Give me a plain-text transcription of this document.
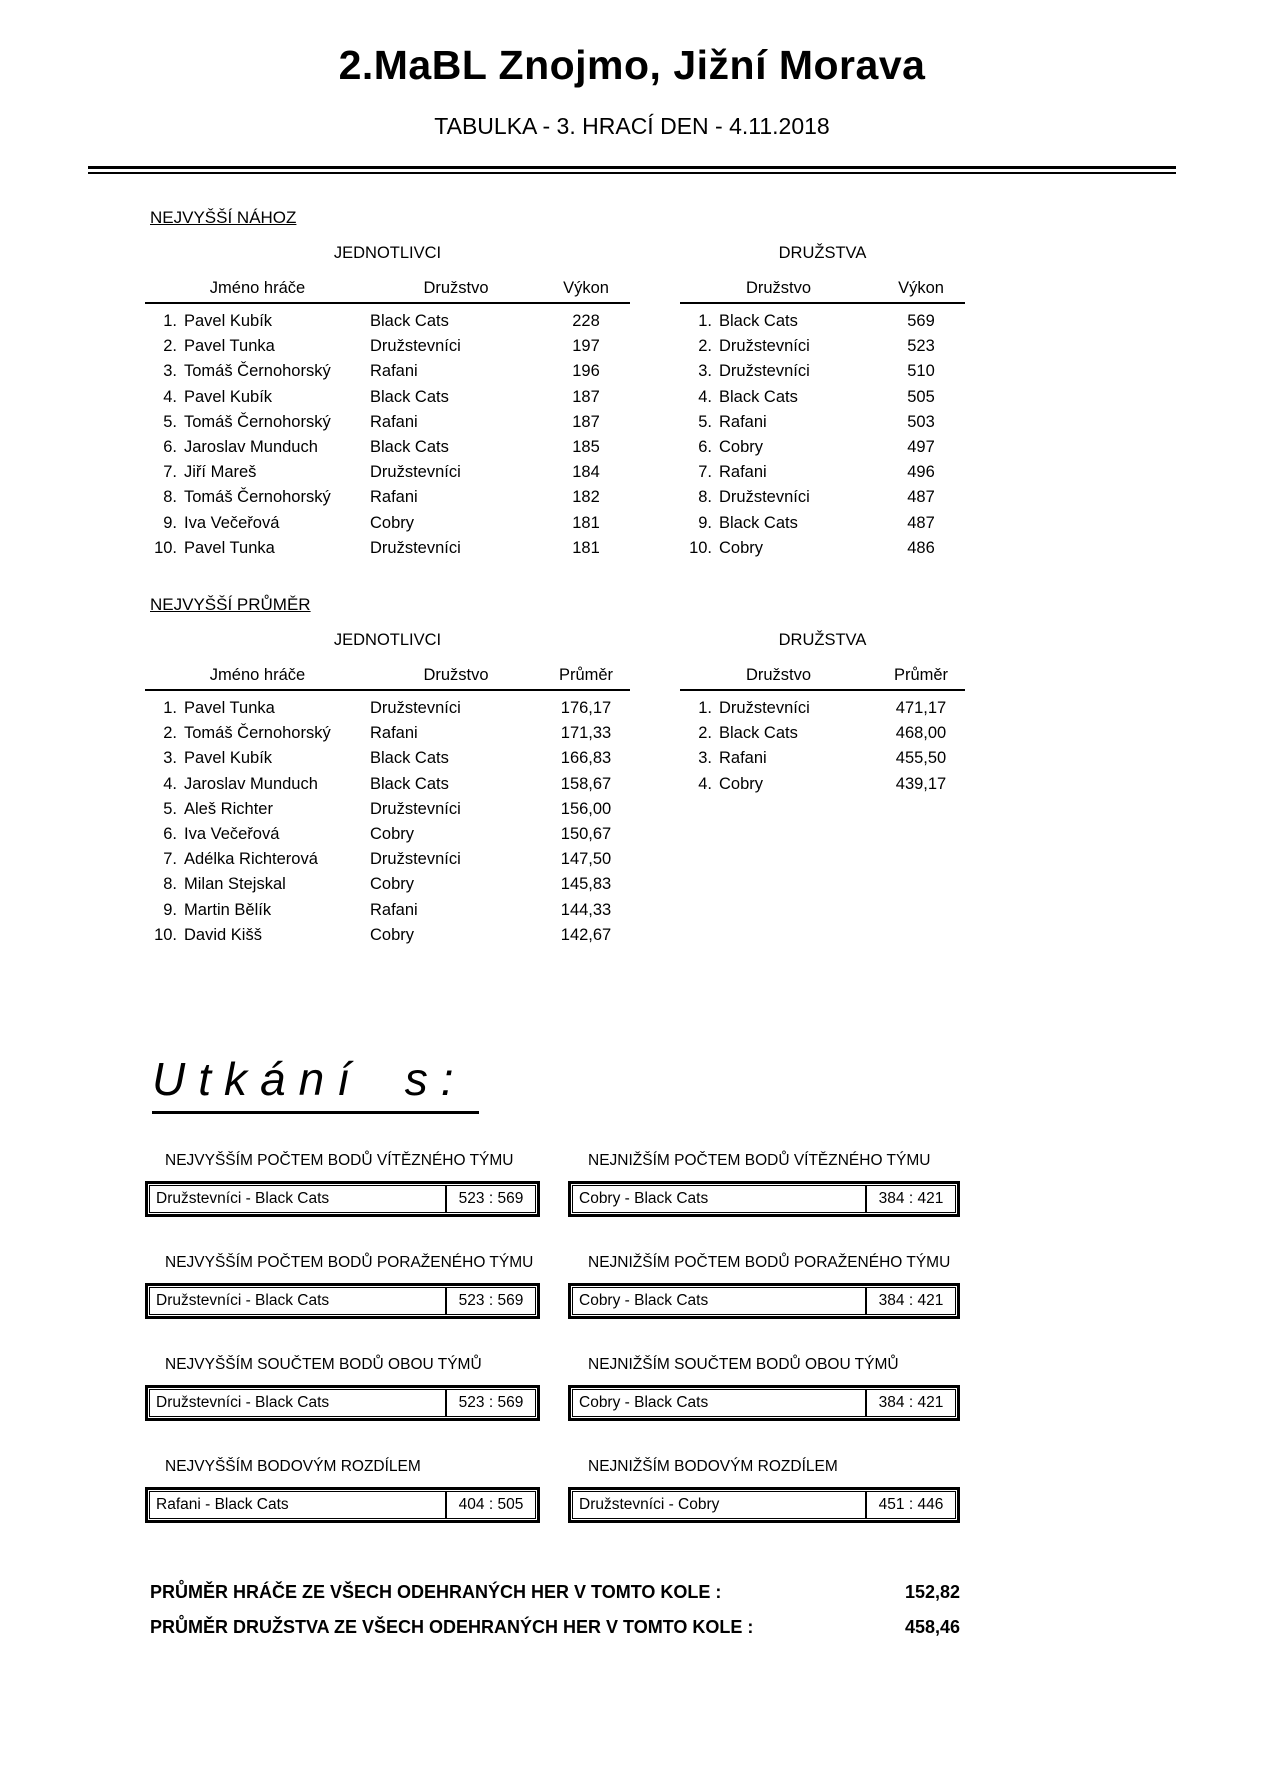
2.MaBL Znojmo, Jižní Morava
TABULKA - 3. HRACÍ DEN - 4.11.2018
NEJVYŠŠÍ NÁHOZ
JEDNOTLIVCI
Jméno hráče	Družstvo	Výkon
1. Pavel Kubík	Black Cats	228
2. Pavel Tunka	Družstevníci	197
3. Tomáš Černohorský	Rafani	196
4. Pavel Kubík	Black Cats	187
5. Tomáš Černohorský	Rafani	187
6. Jaroslav Munduch	Black Cats	185
7. Jiří Mareš	Družstevníci	184
8. Tomáš Černohorský	Rafani	182
9. Iva Večeřová	Cobry	181
10. Pavel Tunka	Družstevníci	181
DRUŽSTVA
Družstvo	Výkon
1. Black Cats	569
2. Družstevníci	523
3. Družstevníci	510
4. Black Cats	505
5. Rafani	503
6. Cobry	497
7. Rafani	496
8. Družstevníci	487
9. Black Cats	487
10. Cobry	486
NEJVYŠŠÍ PRŮMĚR
JEDNOTLIVCI
Jméno hráče	Družstvo	Průměr
1. Pavel Tunka	Družstevníci	176,17
2. Tomáš Černohorský	Rafani	171,33
3. Pavel Kubík	Black Cats	166,83
4. Jaroslav Munduch	Black Cats	158,67
5. Aleš Richter	Družstevníci	156,00
6. Iva Večeřová	Cobry	150,67
7. Adélka Richterová	Družstevníci	147,50
8. Milan Stejskal	Cobry	145,83
9. Martin Bělík	Rafani	144,33
10. David Kišš	Cobry	142,67
DRUŽSTVA
Družstvo	Průměr
1. Družstevníci	471,17
2. Black Cats	468,00
3. Rafani	455,50
4. Cobry	439,17
Utkání s:
NEJVYŠŠÍM POČTEM BODŮ VÍTĚZNÉHO TÝMU
Družstevníci - Black Cats	523 : 569
NEJNIŽŠÍM POČTEM BODŮ VÍTĚZNÉHO TÝMU
Cobry - Black Cats	384 : 421
NEJVYŠŠÍM POČTEM BODŮ PORAŽENÉHO TÝMU
Družstevníci - Black Cats	523 : 569
NEJNIŽŠÍM POČTEM BODŮ PORAŽENÉHO TÝMU
Cobry - Black Cats	384 : 421
NEJVYŠŠÍM SOUČTEM BODŮ OBOU TÝMŮ
Družstevníci - Black Cats	523 : 569
NEJNIŽŠÍM SOUČTEM BODŮ OBOU TÝMŮ
Cobry - Black Cats	384 : 421
NEJVYŠŠÍM BODOVÝM ROZDÍLEM
Rafani - Black Cats	404 : 505
NEJNIŽŠÍM BODOVÝM ROZDÍLEM
Družstevníci - Cobry	451 : 446
PRŮMĚR HRÁČE ZE VŠECH ODEHRANÝCH HER V TOMTO KOLE :	152,82
PRŮMĚR DRUŽSTVA ZE VŠECH ODEHRANÝCH HER V TOMTO KOLE :	458,46
